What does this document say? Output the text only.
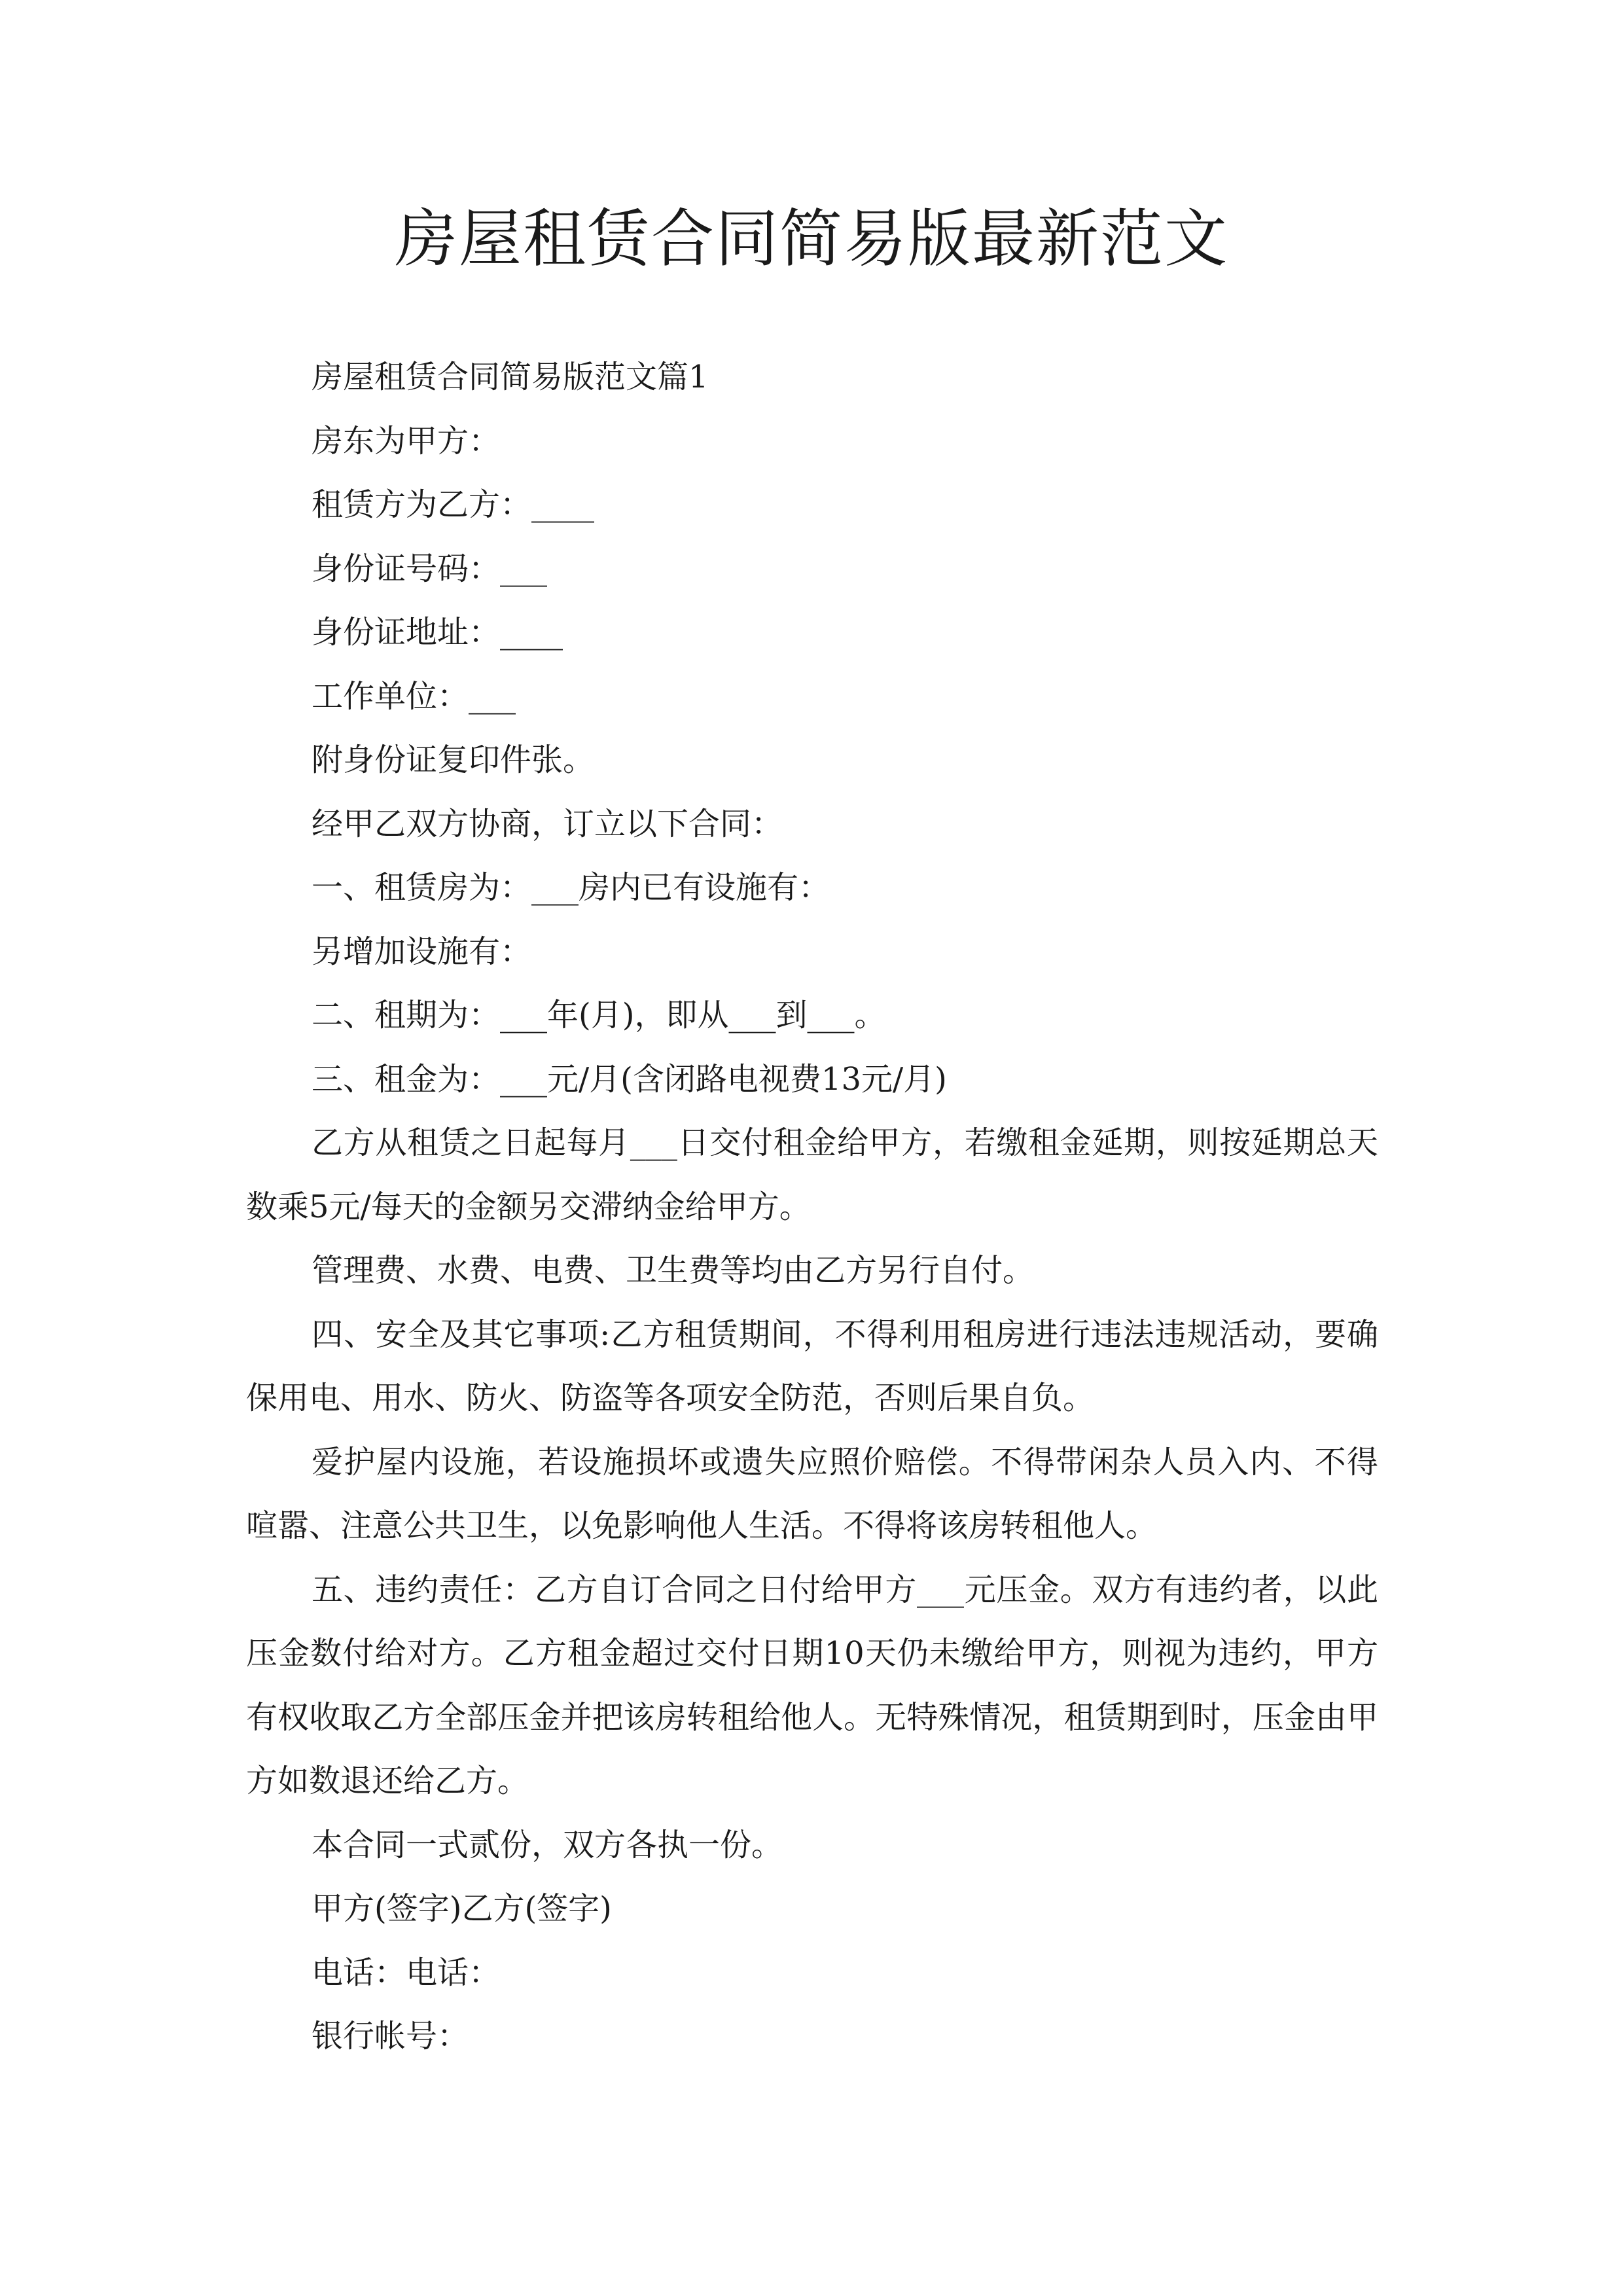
房屋租赁合同简易版最新范文

房屋租赁合同简易版范文篇1

房东为甲方：

租赁方为乙方：____

身份证号码：___

身份证地址：____

工作单位：___

附身份证复印件张。

经甲乙双方协商，订立以下合同：

一、租赁房为：___房内已有设施有：

另增加设施有：

二、租期为：___年(月)，即从___到___。

三、租金为：___元/月(含闭路电视费13元/月)

乙方从租赁之日起每月___日交付租金给甲方，若缴租金延期，则按延期总天数乘5元/每天的金额另交滞纳金给甲方。

管理费、水费、电费、卫生费等均由乙方另行自付。

四、安全及其它事项:乙方租赁期间，不得利用租房进行违法违规活动，要确保用电、用水、防火、防盗等各项安全防范，否则后果自负。

爱护屋内设施，若设施损坏或遗失应照价赔偿。不得带闲杂人员入内、不得喧嚣、注意公共卫生，以免影响他人生活。不得将该房转租他人。

五、违约责任：乙方自订合同之日付给甲方___元压金。双方有违约者，以此压金数付给对方。乙方租金超过交付日期10天仍未缴给甲方，则视为违约，甲方有权收取乙方全部压金并把该房转租给他人。无特殊情况，租赁期到时，压金由甲方如数退还给乙方。

本合同一式贰份，双方各执一份。

甲方(签字)乙方(签字)

电话：电话：

银行帐号：
